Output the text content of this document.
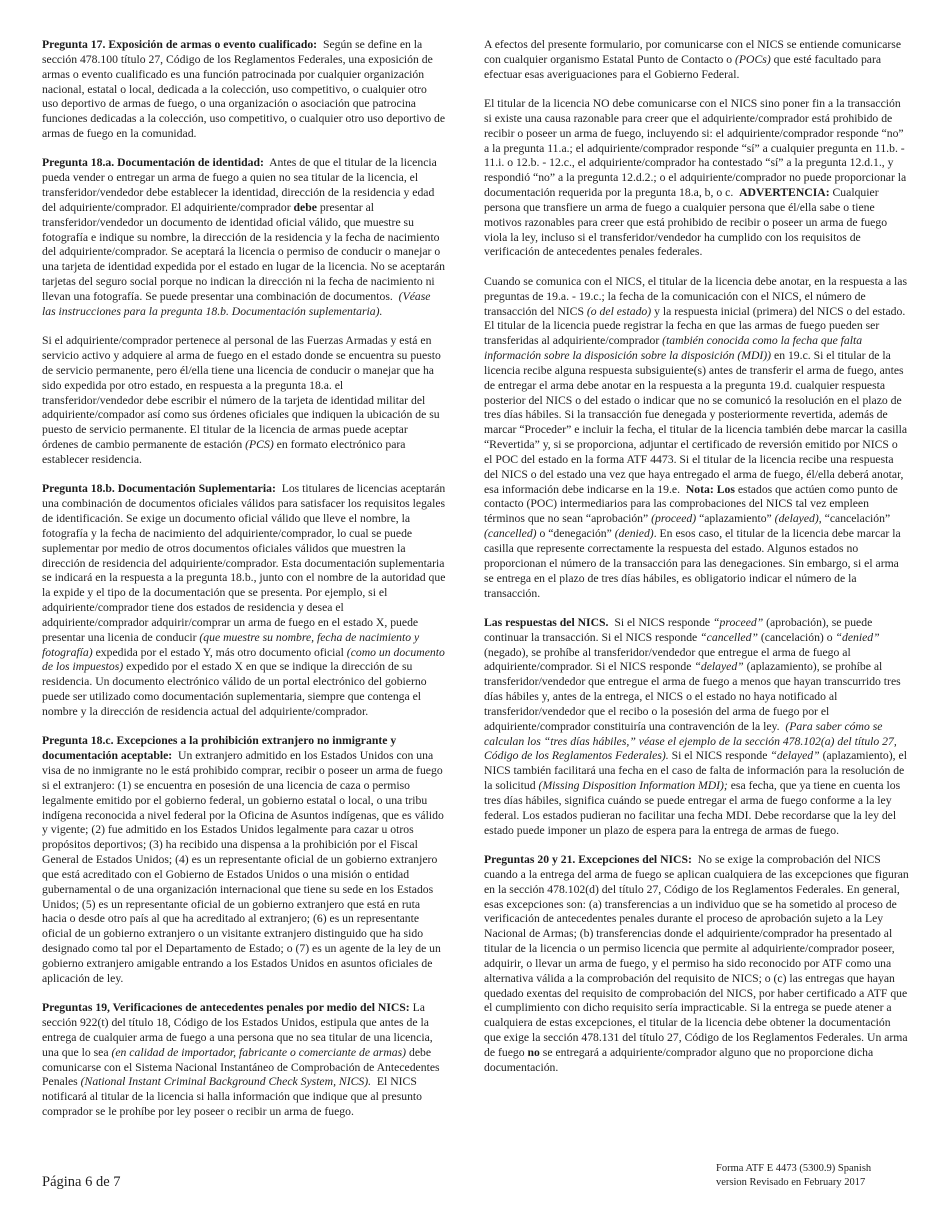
Pregunta 17. Exposición de armas o evento cualificado: Según se define en la sección 478.100 título 27, Código de los Reglamentos Federales, una exposición de armas o evento cualificado es una función patrocinada por cualquier organización nacional, estatal o local, dedicada a la colección, uso competitivo, o cualquier otro uso deportivo de armas de fuego, o una organización o asociación que patrocina funciones dedicadas a la colección, uso competitivo, o cualquier otro uso deportivo de armas de fuego en la comunidad.

Pregunta 18.a. Documentación de identidad: Antes de que el titular de la licencia pueda vender o entregar un arma de fuego a quien no sea titular de la licencia, el transferidor/vendedor debe establecer la identidad, dirección de la residencia y edad del adquiriente/comprador. El adquiriente/comprador debe presentar al transferidor/vendedor un documento de identidad oficial válido, que muestre su fotografía e indique su nombre, la dirección de la residencia y la fecha de nacimiento del adquiriente/comprador. Se aceptará la licencia o permiso de conducir o manejar o una tarjeta de identidad expedida por el estado en lugar de la licencia. No se aceptarán tarjetas del seguro social porque no indican la dirección ni la fecha de nacimiento ni llevan una fotografía. Se puede presentar una combinación de documentos. (Véase las instrucciones para la pregunta 18.b. Documentación suplementaria).

Si el adquiriente/comprador pertenece al personal de las Fuerzas Armadas y está en servicio activo y adquiere al arma de fuego en el estado donde se encuentra su puesto de servicio permanente, pero él/ella tiene una licencia de conducir o manejar que ha sido expedida por otro estado, en respuesta a la pregunta 18.a. el transferidor/vendedor debe escribir el número de la tarjeta de identidad militar del adquiriente/compador así como sus órdenes oficiales que indiquen la ubicación de su puesto de servicio permanente. El titular de la licencia de armas puede aceptar órdenes de cambio permanente de estación (PCS) en formato electrónico para establecer residencia.

Pregunta 18.b. Documentación Suplementaria: Los titulares de licencias aceptarán una combinación de documentos oficiales válidos para satisfacer los requisitos legales de identificación. Se exige un documento oficial válido que lleve el nombre, la fotografía y la fecha de nacimiento del adquiriente/comprador, lo cual se puede suplementar por medio de otros documentos oficiales válidos que muestren la dirección de residencia del adquiriente/comprador. Esta documentación suplementaria se indicará en la respuesta a la pregunta 18.b., junto con el nombre de la autoridad que la expide y el tipo de la documentación que se presenta. Por ejemplo, si el adquiriente/comprador tiene dos estados de residencia y desea el adquiriente/comprador adquirir/comprar un arma de fuego en el estado X, puede presentar una licenia de conducir (que muestre su nombre, fecha de nacimiento y fotografía) expedida por el estado Y, más otro documento oficial (como un documento de los impuestos) expedido por el estado X en que se indique la dirección de su residencia. Un documento electrónico válido de un portal electrónico del gobierno puede ser utilizado como documentación suplementaria, siempre que contenga el nombre y la dirección de residencia actual del adquiriente/comprador.

Pregunta 18.c. Excepciones a la prohibición extranjero no inmigrante y documentación aceptable: Un extranjero admitido en los Estados Unidos con una visa de no inmigrante no le está prohibido comprar, recibir o poseer un arma de fuego si el extranjero: (1) se encuentra en posesión de una licencia de caza o permiso legalmente emitido por el gobierno federal, un gobierno estatal o local, o una tribu indígena reconocida a nivel federal por la Oficina de Asuntos indígenas, que es válido y vigente; (2) fue admitido en los Estados Unidos legalmente para cazar u otros propósitos deportivos; (3) ha recibido una dispensa a la prohibición por el Fiscal General de Estados Unidos; (4) es un representante oficial de un gobierno extranjero que está acreditado con el Gobierno de Estados Unidos o una misión o entidad gubernamental o de una organización internacional que tiene su sede en los Estados Unidos; (5) es un representante oficial de un gobierno extranjero que está en ruta hacia o desde otro país al que ha acreditado al extranjero; (6) es un representante oficial de un gobierno extranjero o un visitante extranjero distinguido que ha sido designado como tal por el Departamento de Estado; o (7) es un agente de la ley de un gobierno extranjero amigable entrando a los Estados Unidos en asuntos oficiales de aplicación de ley.

Preguntas 19, Verificaciones de antecedentes penales por medio del NICS: La sección 922(t) del título 18, Código de los Estados Unidos, estipula que antes de la entrega de cualquier arma de fuego a una persona que no sea titular de una licencia, una que lo sea (en calidad de importador, fabricante o comerciante de armas) debe comunicarse con el Sistema Nacional Instantáneo de Comprobación de Antecedentes Penales (National Instant Criminal Background Check System, NICS). El NICS notificará al titular de la licencia si halla información que indique que al presunto comprador se le prohíbe por ley poseer o recibir un arma de fuego.

A efectos del presente formulario, por comunicarse con el NICS se entiende comunicarse con cualquier organismo Estatal Punto de Contacto o (POCs) que esté facultado para efectuar esas averiguaciones para el Gobierno Federal.

El titular de la licencia NO debe comunicarse con el NICS sino poner fin a la transacción si existe una causa razonable para creer que el adquiriente/comprador está prohibido de recibir o poseer un arma de fuego, incluyendo si: el adquiriente/comprador responde “no” a la pregunta 11.a.; el adquiriente/comprador responde “sí” a cualquier pregunta en 11.b. - 11.i. o 12.b. - 12.c., el adquiriente/comprador ha contestado “sí” a la pregunta 12.d.1., y respondió “no” a la pregunta 12.d.2.; o el adquiriente/comprador no puede proporcionar la documentación requerida por la pregunta 18.a, b, o c. ADVERTENCIA: Cualquier persona que transfiere un arma de fuego a cualquier persona que él/ella sabe o tiene motivos razonables para creer que está prohibido de recibir o poseer un arma de fuego viola la ley, incluso si el transferidor/vendedor ha cumplido con los requisitos de verificación de antecedentes penales federales.

Cuando se comunica con el NICS, el titular de la licencia debe anotar, en la respuesta a las preguntas de 19.a. - 19.c.; la fecha de la comunicación con el NICS, el número de transacción del NICS (o del estado) y la respuesta inicial (primera) del NICS o del estado. El titular de la licencia puede registrar la fecha en que las armas de fuego pueden ser transferidas al adquiriente/comprador (también conocida como la fecha que falta información sobre la disposición sobre la disposición (MDI)) en 19.c. Si el titular de la licencia recibe alguna respuesta subsiguiente(s) antes de transferir el arma de fuego, antes de entregar el arma debe anotar en la respuesta a la pregunta 19.d. cualquier respuesta posterior del NICS o del estado o indicar que no se comunicó la resolución en el plazo de tres días hábiles. Si la transacción fue denegada y posteriormente revertida, además de marcar “Proceder” e incluir la fecha, el titular de la licencia también debe marcar la casilla “Revertida” y, si se proporciona, adjuntar el certificado de reversión emitido por NICS o el POC del estado en la forma ATF 4473. Si el titular de la licencia recibe una respuesta del NICS o del estado una vez que haya entregado el arma de fuego, él/ella deberá anotar, esa información debe indicarse en la 19.e. Nota: Los estados que actúen como punto de contacto (POC) intermediarios para las comprobaciones del NICS tal vez empleen términos que no sean “aprobación” (proceed) “aplazamiento” (delayed), “cancelación” (cancelled) o “denegación” (denied). En esos caso, el titular de la licencia debe marcar la casilla que represente correctamente la respuesta del estado. Algunos estados no proporcionan el número de la transacción para las denegaciones. Sin embargo, si el arma se entrega en el plazo de tres días hábiles, es obligatorio indicar el número de la transacción.

Las respuestas del NICS. Si el NICS responde “proceed” (aprobación), se puede continuar la transacción. Si el NICS responde “cancelled” (cancelación) o “denied” (negado), se prohíbe al transferidor/vendedor que entregue el arma de fuego al adquiriente/comprador. Si el NICS responde “delayed” (aplazamiento), se prohíbe al transferidor/vendedor que entregue el arma de fuego a menos que hayan transcurrido tres días hábiles y, antes de la entrega, el NICS o el estado no haya notificado al transferidor/vendedor que el recibo o la posesión del arma de fuego por el adquiriente/comprador constituiría una contravención de la ley. (Para saber cómo se calculan los “tres días hábiles,” véase el ejemplo de la sección 478.102(a) del título 27, Código de los Reglamentos Federales). Si el NICS responde “delayed” (aplazamiento), el NICS también facilitará una fecha en el caso de falta de información para la resolución de la solicitud (Missing Disposition Information MDI); esa fecha, que ya tiene en cuenta los tres días hábiles, significa cuándo se puede entregar el arma de fuego conforme a la ley federal. Los estados pudieran no facilitar una fecha MDI. Debe recordarse que la ley del estado puede imponer un plazo de espera para la entrega de armas de fuego.

Preguntas 20 y 21. Excepciones del NICS: No se exige la comprobación del NICS cuando a la entrega del arma de fuego se aplican cualquiera de las excepciones que figuran en la sección 478.102(d) del título 27, Código de los Reglamentos Federales. En general, esas excepciones son: (a) transferencias a un individuo que se ha sometido al proceso de verificación de antecedentes penales durante el proceso de aprobación sujeto a la Ley Nacional de Armas; (b) transferencias donde el adquiriente/comprador ha presentado al titular de la licencia o un permiso licencia que permite al adquiriente/comprador poseer, adquirir, o llevar un arma de fuego, y el permiso ha sido reconocido por ATF como una alternativa válida a la comprobación del requisito de NICS; o (c) las entregas que hayan quedado exentas del requisito de comprobación del NICS, por haber certificado a ATF que el cumplimiento con dicho requisito sería impracticable. Si la entrega se puede atener a cualquiera de estas excepciones, el titular de la licencia debe obtener la documentación que exige la sección 478.131 del título 27, Código de los Reglamentos Federales. Un arma de fuego no se entregará a adquiriente/comprador alguno que no proporcione dicha documentación.

Página 6 de 7
Forma ATF E 4473 (5300.9) Spanish
version Revisado en February 2017
